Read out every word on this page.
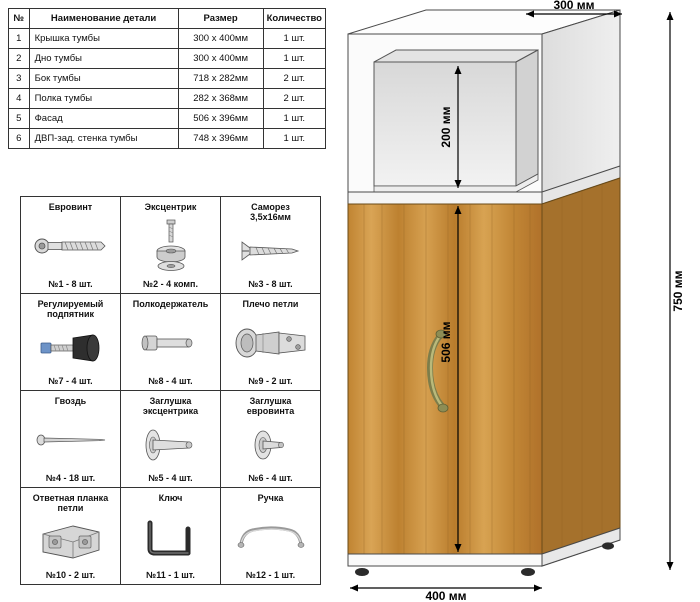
№	Наименование детали	Размер	Количество
1	Крышка тумбы	300 х 400мм	1 шт.
2	Дно тумбы	300 х 400мм	1 шт.
3	Бок тумбы	718 х 282мм	2 шт.
4	Полка тумбы	282 х 368мм	2 шт.
5	Фасад	506 х 396мм	1 шт.
6	ДВП-зад. стенка тумбы	748 х 396мм	1 шт.
Евровинт
№1 - 8 шт.

Эксцентрик
№2 - 4 комп.

Саморез
3,5х16мм
№3 - 8 шт.

Регулируемый
подпятник
№7 - 4 шт.

Полкодержатель
№8 - 4 шт.

Плечо петли
№9 - 2 шт.

Гвоздь
№4 - 18 шт.

Заглушка
эксцентрика
№5 - 4 шт.

Заглушка
евровинта
№6 - 4 шт.

Ответная планка
петли
№10 - 2 шт.

Ключ
№11 - 1 шт.

Ручка
№12 - 1 шт.
300 мм
200 мм
506 мм
750 мм
400 мм
